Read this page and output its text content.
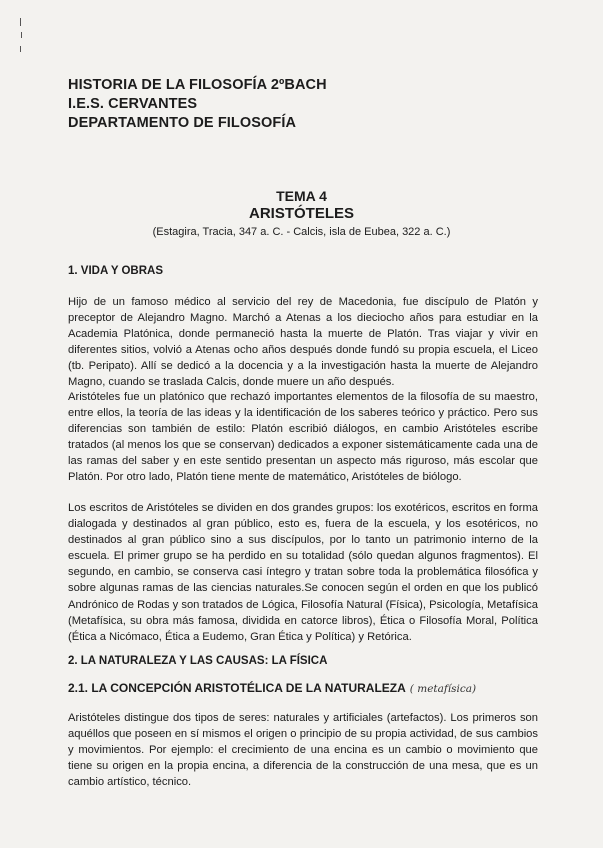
HISTORIA DE LA FILOSOFÍA 2ºBACH
I.E.S. CERVANTES
DEPARTAMENTO DE FILOSOFÍA
TEMA 4
ARISTÓTELES
(Estagira, Tracia, 347 a. C. - Calcis, isla de Eubea, 322 a. C.)
1. VIDA Y OBRAS

Hijo de un famoso médico al servicio del rey de Macedonia, fue discípulo de Platón y preceptor de Alejandro Magno. Marchó a Atenas a los dieciocho años para estudiar en la Academia Platónica, donde permaneció hasta la muerte de Platón. Tras viajar y vivir en diferentes sitios, volvió a Atenas ocho años después donde fundó su propia escuela, el Liceo (tb. Peripato). Allí se dedicó a la docencia y a la investigación hasta la muerte de Alejandro Magno, cuando se traslada Calcis, donde muere un año después.

Aristóteles fue un platónico que rechazó importantes elementos de la filosofía de su maestro, entre ellos, la teoría de las ideas y la identificación de los saberes teórico y práctico. Pero sus diferencias son también de estilo: Platón escribió diálogos, en cambio Aristóteles escribe tratados (al menos los que se conservan) dedicados a exponer sistemáticamente cada una de las ramas del saber y en este sentido presentan un aspecto más riguroso, más escolar que Platón. Por otro lado, Platón tiene mente de matemático, Aristóteles de biólogo.

Los escritos de Aristóteles se dividen en dos grandes grupos: los exotéricos, escritos en forma dialogada y destinados al gran público, esto es, fuera de la escuela, y los esotéricos, no destinados al gran público sino a sus discípulos, por lo tanto un patrimonio interno de la escuela. El primer grupo se ha perdido en su totalidad (sólo quedan algunos fragmentos). El segundo, en cambio, se conserva casi íntegro y tratan sobre toda la problemática filosófica y sobre algunas ramas de las ciencias naturales.Se conocen según el orden en que los publicó Andrónico de Rodas y son tratados de Lógica, Filosofía Natural (Física), Psicología, Metafísica (Metafísica, su obra más famosa, dividida en catorce libros), Ética o Filosofía Moral, Política (Ética a Nicómaco, Ética a Eudemo, Gran Ética y Política) y Retórica.

2. LA NATURALEZA Y LAS CAUSAS: LA FÍSICA
2.1. LA CONCEPCIÓN ARISTOTÉLICA DE LA NATURALEZA ( metafísica)

Aristóteles distingue dos tipos de seres: naturales y artificiales (artefactos). Los primeros son aquéllos que poseen en sí mismos el origen o principio de su propia actividad, de sus cambios y movimientos. Por ejemplo: el crecimiento de una encina es un cambio o movimiento que tiene su origen en la propia encina, a diferencia de la construcción de una mesa, que es un cambio artístico, técnico.
